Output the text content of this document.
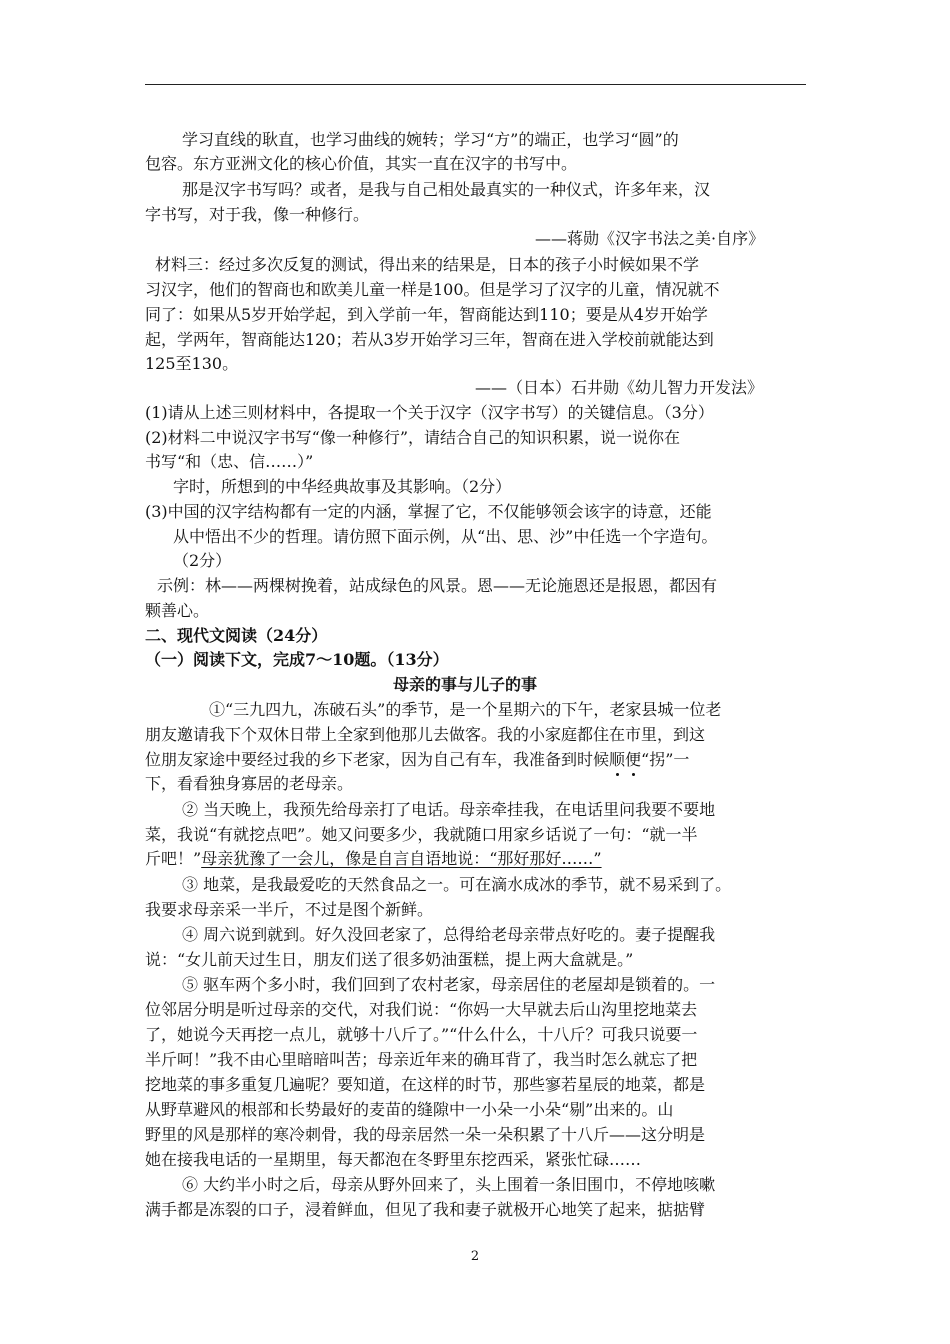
学习直线的耿直，也学习曲线的婉转；学习“方”的端正，也学习“圆”的
包容。东方亚洲文化的核心价值，其实一直在汉字的书写中。
那是汉字书写吗？或者，是我与自己相处最真实的一种仪式，许多年来，汉
字书写，对于我，像一种修行。
——蒋勋《汉字书法之美·自序》
材料三：经过多次反复的测试，得出来的结果是，日本的孩子小时候如果不学
习汉字，他们的智商也和欧美儿童一样是100。但是学习了汉字的儿童，情况就不
同了：如果从5岁开始学起，到入学前一年，智商能达到110；要是从4岁开始学
起，学两年，智商能达120；若从3岁开始学习三年，智商在进入学校前就能达到
125至130。
——（日本）石井勋《幼儿智力开发法》
(1)请从上述三则材料中，各提取一个关于汉字（汉字书写）的关键信息。（3分）
(2)材料二中说汉字书写“像一种修行”，请结合自己的知识积累，说一说你在
书写“和（忠、信……）”
字时，所想到的中华经典故事及其影响。（2分）
(3)中国的汉字结构都有一定的内涵，掌握了它，不仅能够领会该字的诗意，还能
从中悟出不少的哲理。请仿照下面示例，从“出、思、沙”中任选一个字造句。
（2分）
示例：林——两棵树挽着，站成绿色的风景。恩——无论施恩还是报恩，都因有
颗善心。
二、现代文阅读（24分）
（一）阅读下文，完成7～10题。（13分）
母亲的事与儿子的事
①“三九四九，冻破石头”的季节，是一个星期六的下午，老家县城一位老
朋友邀请我下个双休日带上全家到他那儿去做客。我的小家庭都住在市里，到这
位朋友家途中要经过我的乡下老家，因为自己有车，我准备到时候顺便“拐”一
下，看看独身寡居的老母亲。
② 当天晚上，我预先给母亲打了电话。母亲牵挂我，在电话里问我要不要地
菜，我说“有就挖点吧”。她又问要多少，我就随口用家乡话说了一句：“就一半
斤吧！”母亲犹豫了一会儿，像是自言自语地说：“那好那好……”
③ 地菜，是我最爱吃的天然食品之一。可在滴水成冰的季节，就不易采到了。
我要求母亲采一半斤，不过是图个新鲜。
④ 周六说到就到。好久没回老家了，总得给老母亲带点好吃的。妻子提醒我
说：“女儿前天过生日，朋友们送了很多奶油蛋糕，提上两大盒就是。”
⑤ 驱车两个多小时，我们回到了农村老家，母亲居住的老屋却是锁着的。一
位邻居分明是听过母亲的交代，对我们说：“你妈一大早就去后山沟里挖地菜去
了，她说今天再挖一点儿，就够十八斤了。”“什么什么，十八斤？可我只说要一
半斤呵！”我不由心里暗暗叫苦；母亲近年来的确耳背了，我当时怎么就忘了把
挖地菜的事多重复几遍呢？要知道，在这样的时节，那些寥若星辰的地菜，都是
从野草避风的根部和长势最好的麦苗的缝隙中一小朵一小朵“剔”出来的。山
野里的风是那样的寒冷刺骨，我的母亲居然一朵一朵积累了十八斤——这分明是
她在接我电话的一星期里，每天都泡在冬野里东挖西采，紧张忙碌……
⑥ 大约半小时之后，母亲从野外回来了，头上围着一条旧围巾，不停地咳嗽
满手都是冻裂的口子，浸着鲜血，但见了我和妻子就极开心地笑了起来，掂掂臂
2
